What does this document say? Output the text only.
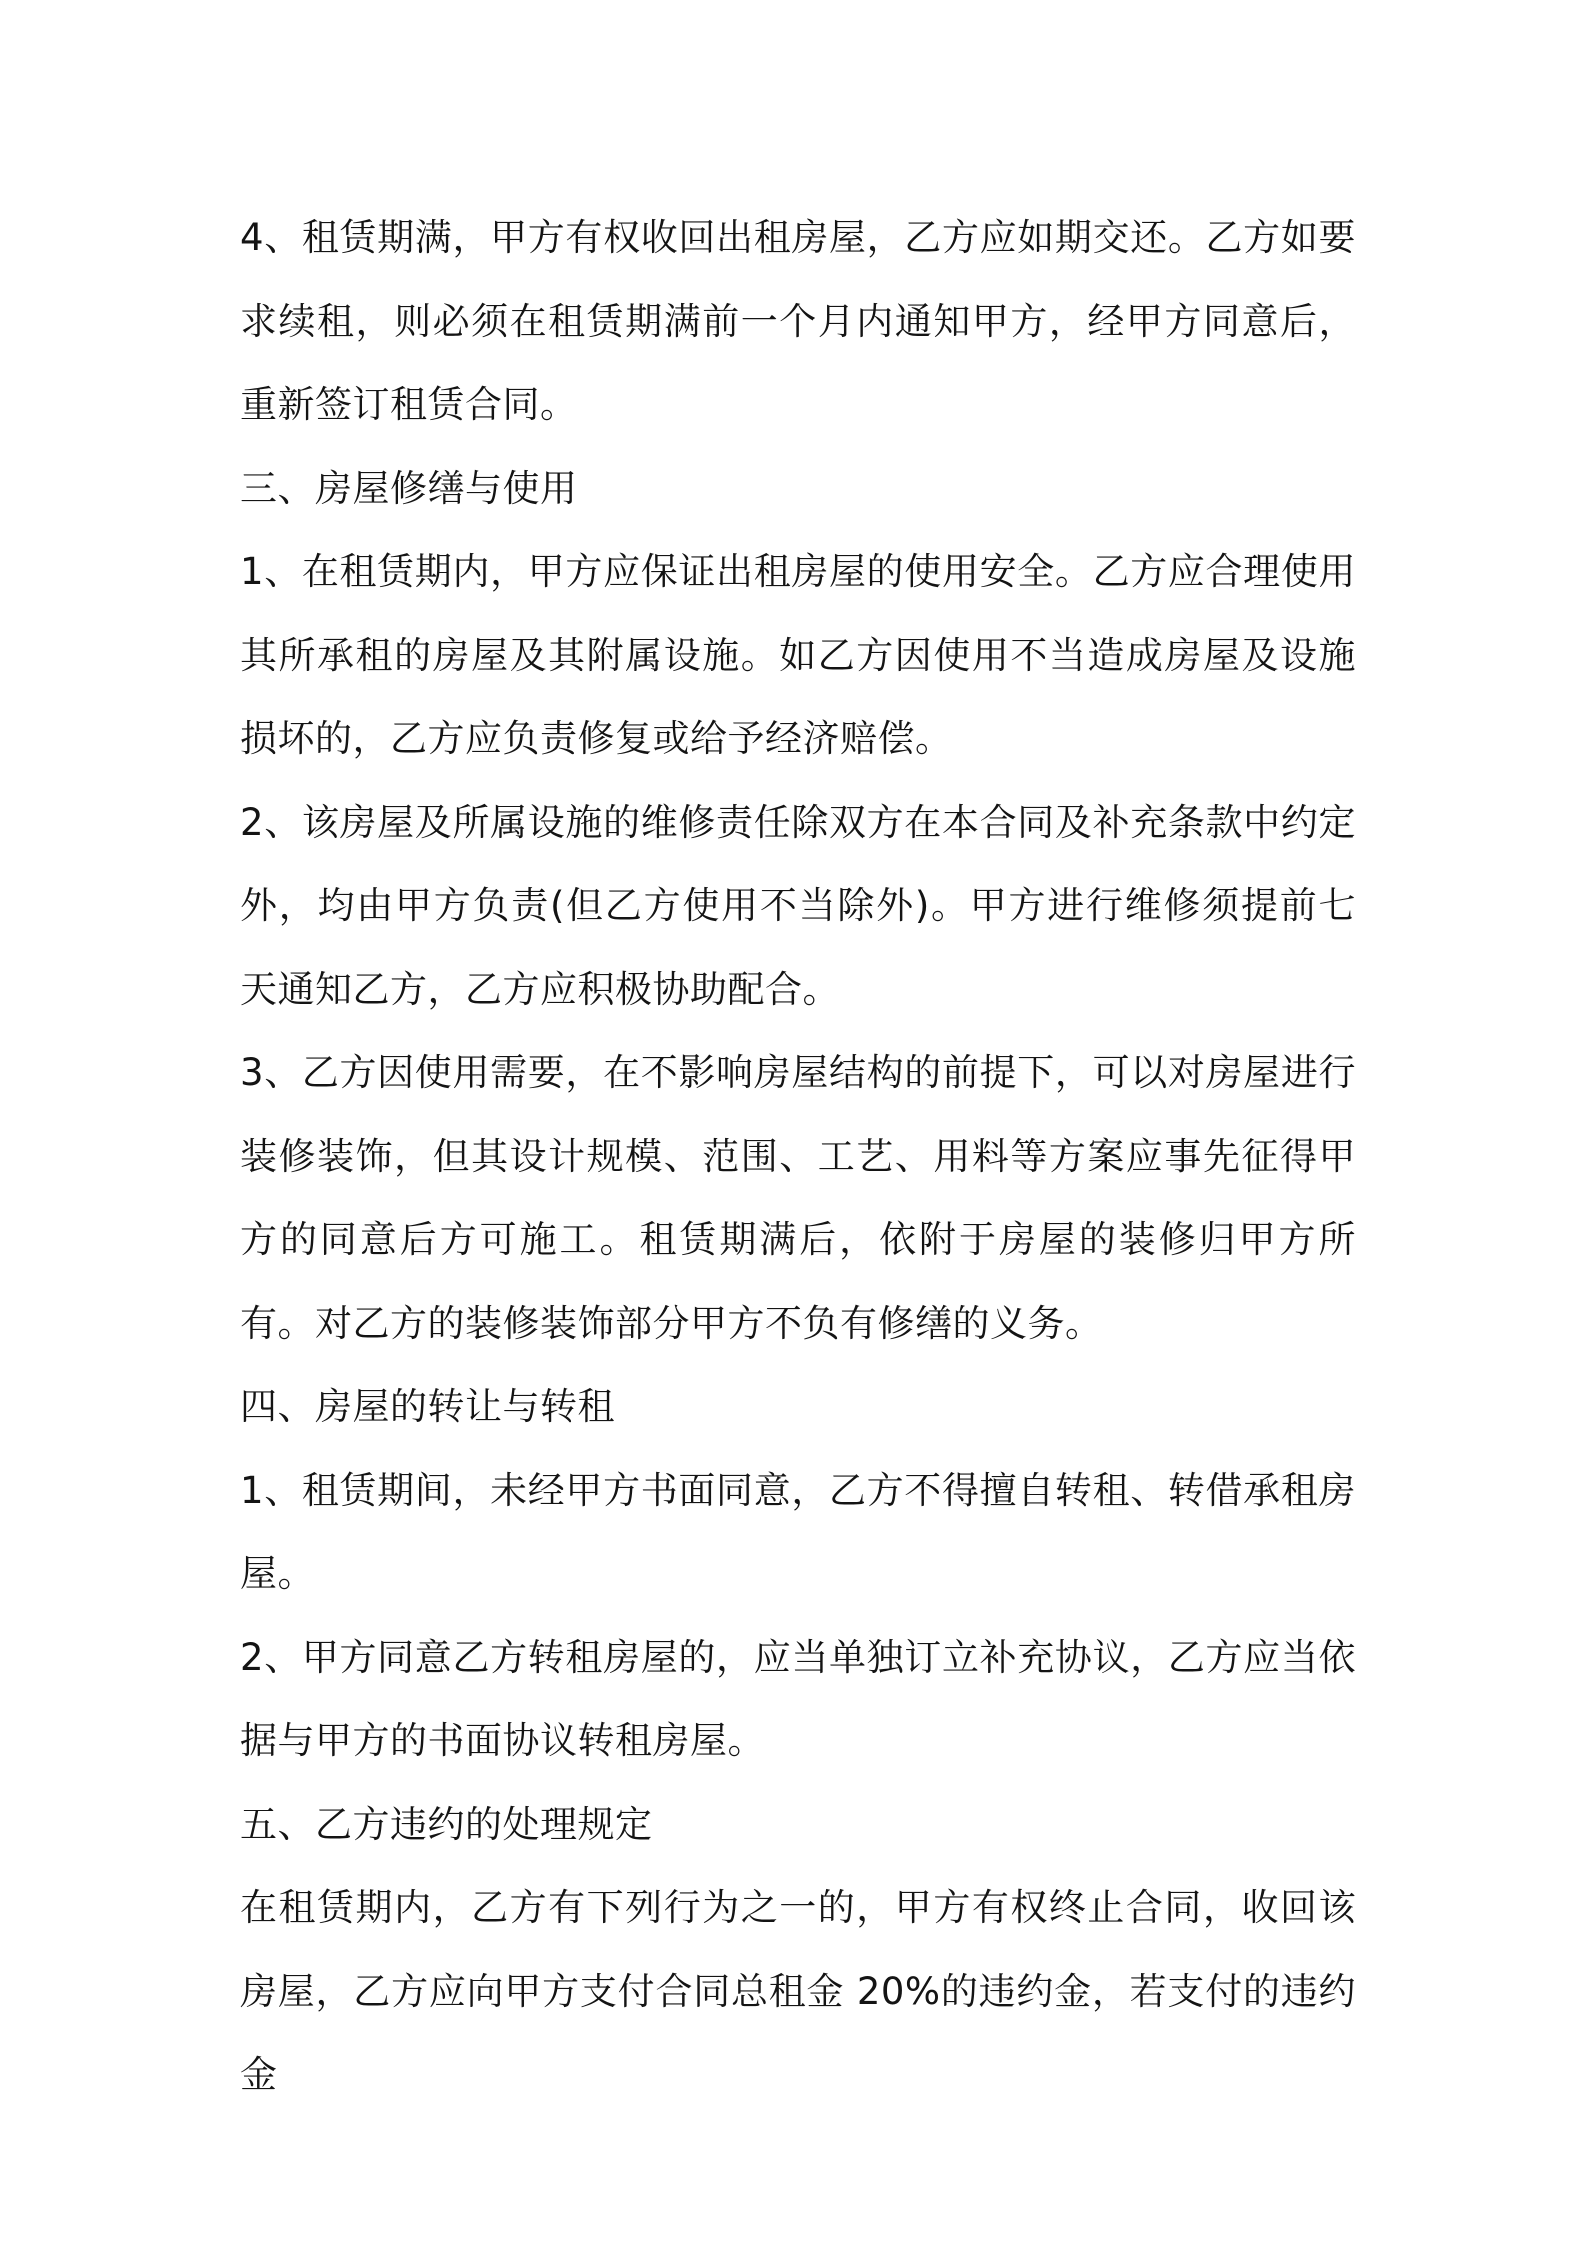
4、租赁期满，甲方有权收回出租房屋，乙方应如期交还。乙方如要求续租，则必须在租赁期满前一个月内通知甲方，经甲方同意后，重新签订租赁合同。

三、房屋修缮与使用

1、在租赁期内，甲方应保证出租房屋的使用安全。乙方应合理使用其所承租的房屋及其附属设施。如乙方因使用不当造成房屋及设施损坏的，乙方应负责修复或给予经济赔偿。

2、该房屋及所属设施的维修责任除双方在本合同及补充条款中约定外，均由甲方负责(但乙方使用不当除外)。甲方进行维修须提前七天通知乙方，乙方应积极协助配合。

3、乙方因使用需要，在不影响房屋结构的前提下，可以对房屋进行装修装饰，但其设计规模、范围、工艺、用料等方案应事先征得甲方的同意后方可施工。租赁期满后，依附于房屋的装修归甲方所有。对乙方的装修装饰部分甲方不负有修缮的义务。

四、房屋的转让与转租

1、租赁期间，未经甲方书面同意，乙方不得擅自转租、转借承租房屋。

2、甲方同意乙方转租房屋的，应当单独订立补充协议，乙方应当依据与甲方的书面协议转租房屋。

五、乙方违约的处理规定

在租赁期内，乙方有下列行为之一的，甲方有权终止合同，收回该房屋，乙方应向甲方支付合同总租金 20%的违约金，若支付的违约金
